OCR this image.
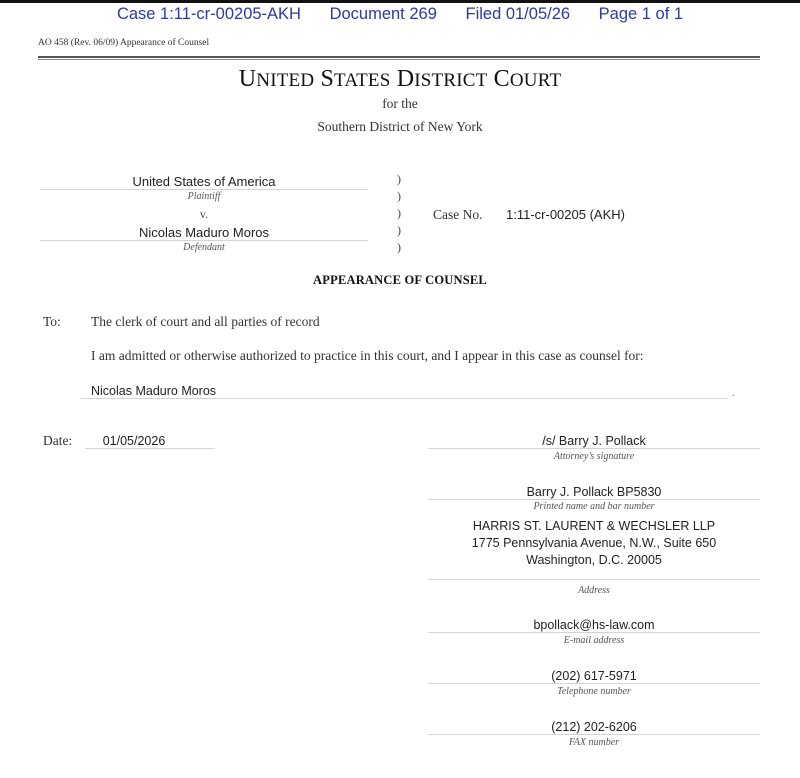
Case 1:11-cr-00205-AKH Document 269 Filed 01/05/26 Page 1 of 1
AO 458 (Rev. 06/09) Appearance of Counsel
UNITED STATES DISTRICT COURT
for the
Southern District of New York
United States of America
Plaintiff
v.
Nicolas Maduro Moros
Defendant
)
)
)
)
)
Case No. 1:11-cr-00205 (AKH)
APPEARANCE OF COUNSEL
To: The clerk of court and all parties of record
I am admitted or otherwise authorized to practice in this court, and I appear in this case as counsel for:
Nicolas Maduro Moros	.
Date:	01/05/2026	/s/ Barry J. Pollack
Attorney’s signature
Barry J. Pollack BP5830
Printed name and bar number
HARRIS ST. LAURENT & WECHSLER LLP
1775 Pennsylvania Avenue, N.W., Suite 650
Washington, D.C. 20005
Address
bpollack@hs-law.com
E-mail address
(202) 617-5971
Telephone number
(212) 202-6206
FAX number
